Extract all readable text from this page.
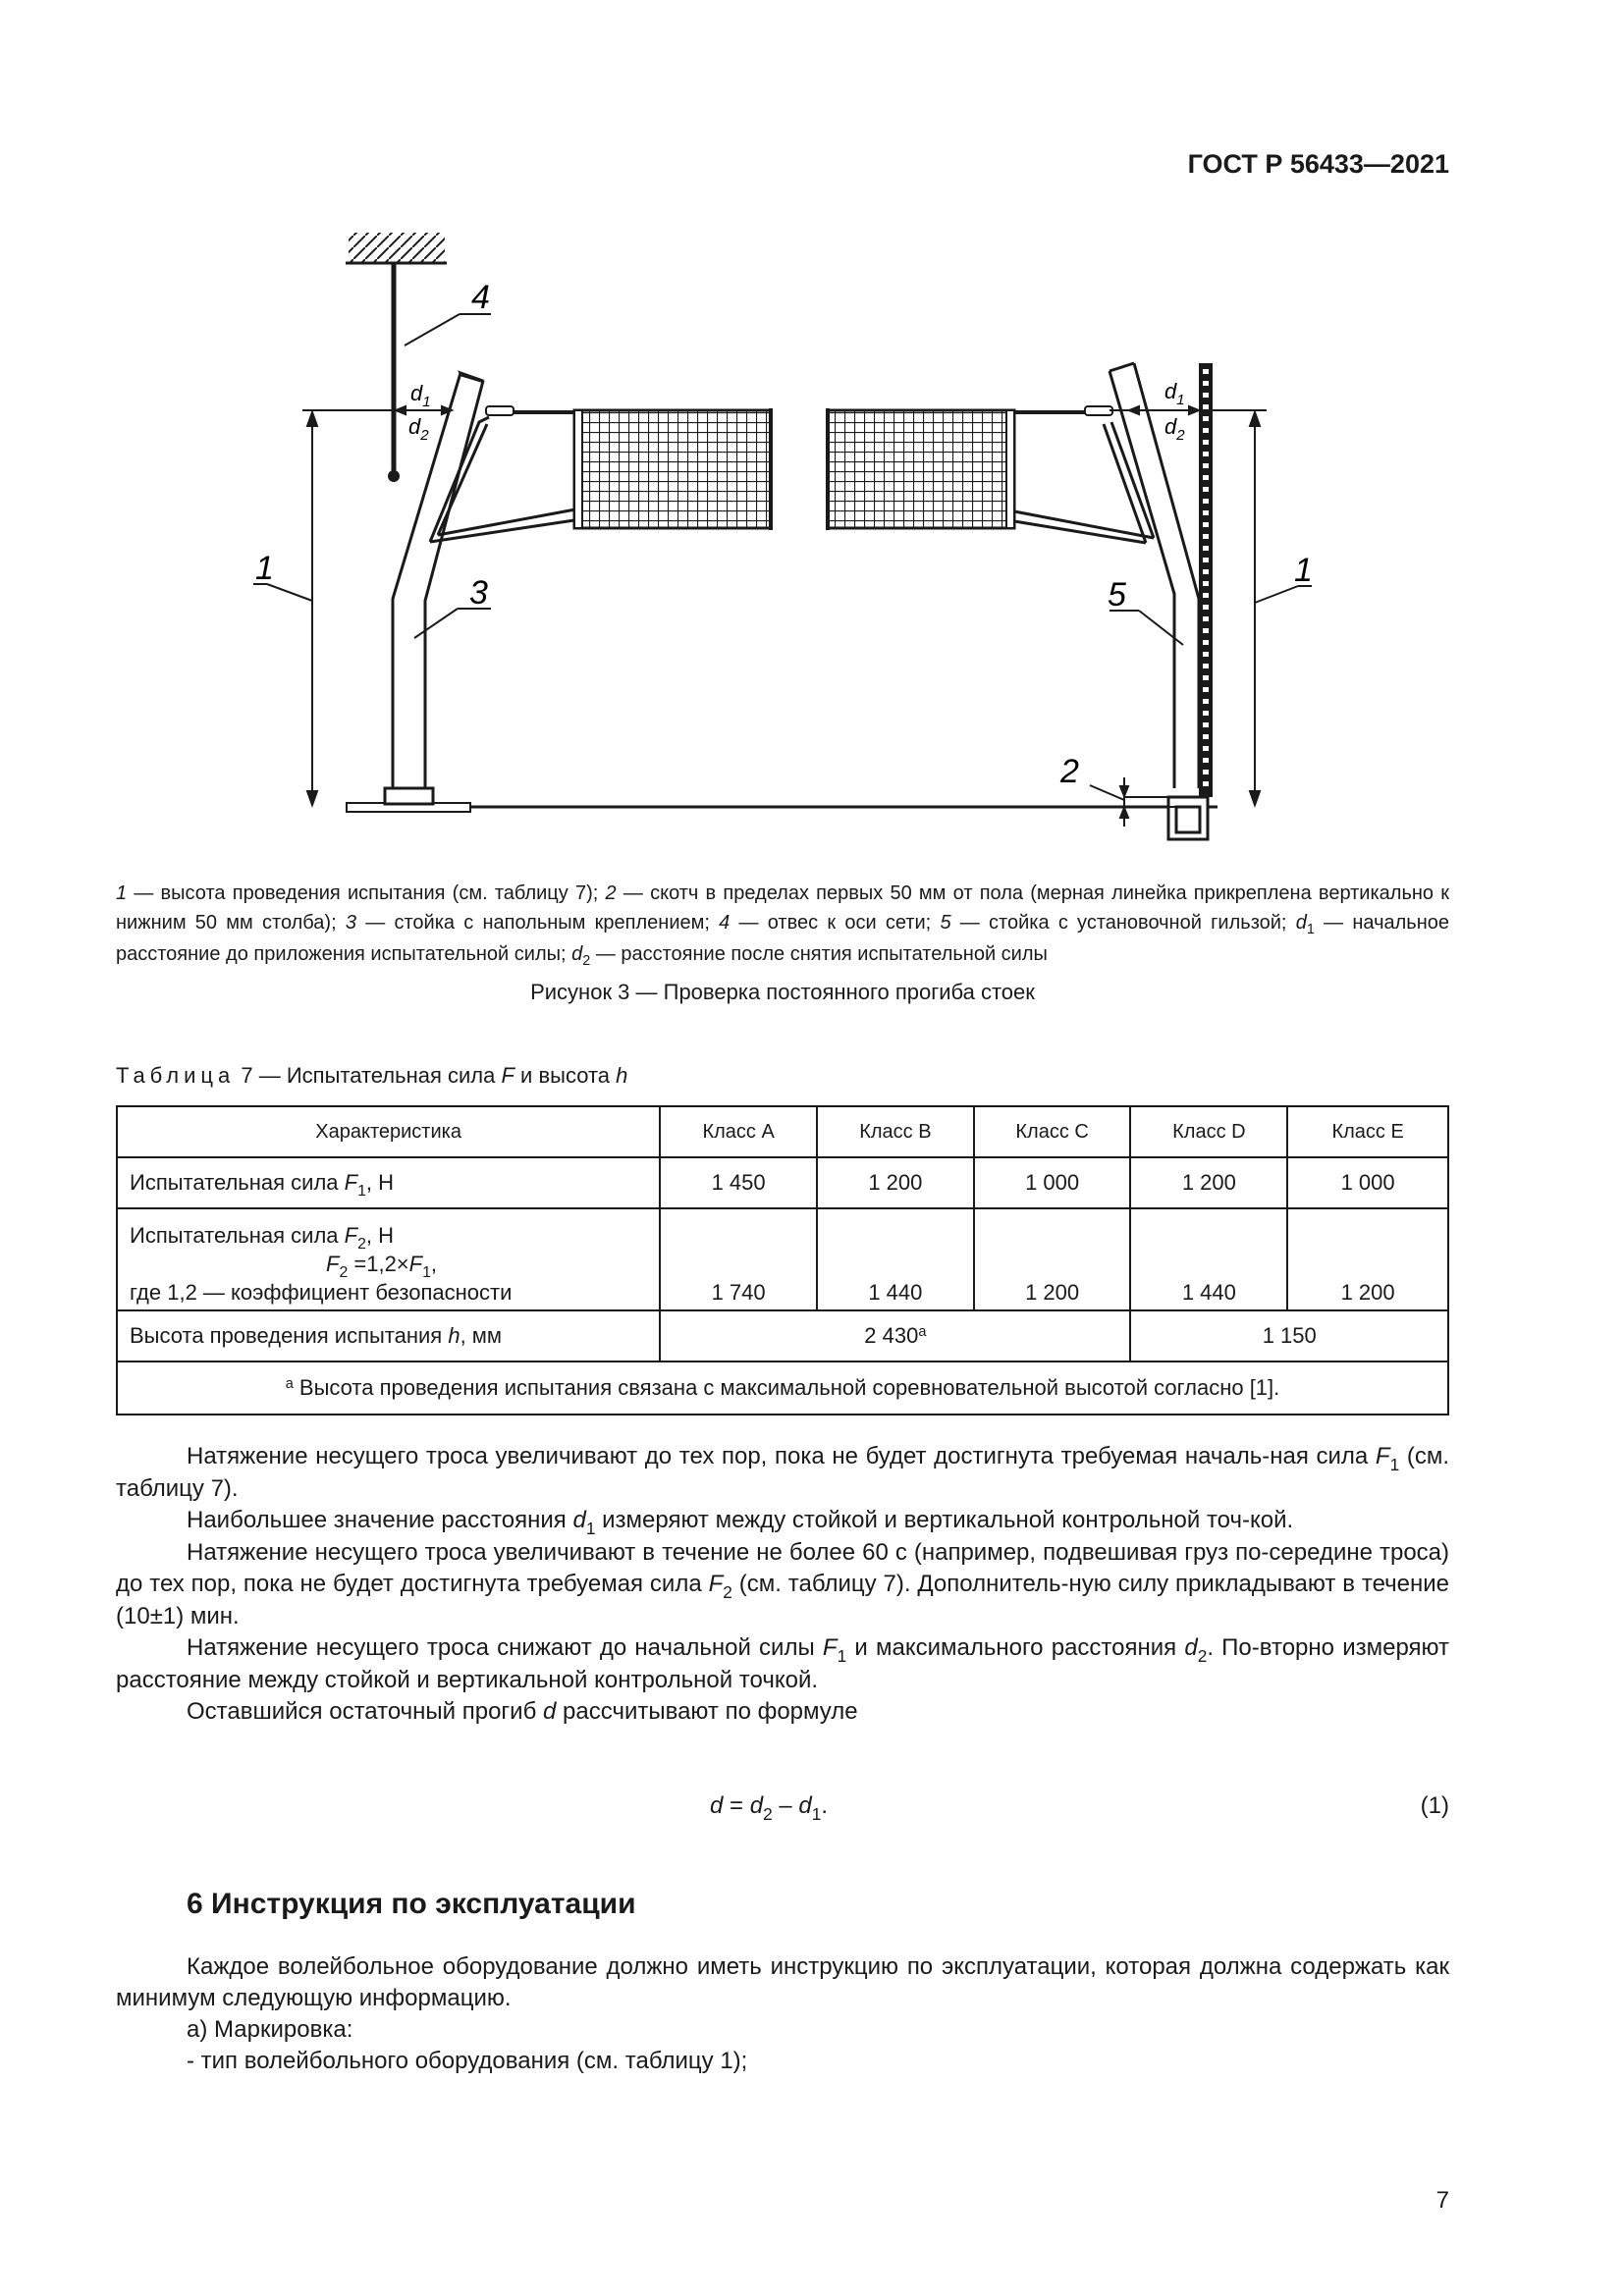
ГОСТ Р 56433—2021
1	1
2
3
4
5
$d_1$
$d_2$
$d_1$
$d_2$
1 — высота проведения испытания (см. таблицу 7); 2 — скотч в пределах первых 50 мм от пола (мерная линейка прикреплена вертикально к нижним 50 мм столба); 3 — стойка с напольным креплением; 4 — отвес к оси сети; 5 — стойка с установочной гильзой; $d_1$ — начальное расстояние до приложения испытательной силы; $d_2$ — расстояние после снятия испытательной силы
Рисунок 3 — Проверка постоянного прогиба стоек
Таблица 7 — Испытательная сила F и высота h
Характеристика	Класс A	Класс B	Класс C	Класс D	Класс E
Испытательная сила $F_1$, Н	1 450	1 200	1 000	1 200	1 000

Испытательная сила $F_2$, Н
$F_2 =1,2\times F_1$,
где 1,2 — коэффициент безопасности	1 740	1 440	1 200	1 440	1 200
Высота проведения испытания h, мм	2 430$^a$			1 150	
$^a$ Высота проведения испытания связана с максимальной соревновательной высотой согласно [1].					

Натяжение несущего троса увеличивают до тех пор, пока не будет достигнута требуемая началь-ная сила $F_1$ (см. таблицу 7).

Наибольшее значение расстояния $d_1$ измеряют между стойкой и вертикальной контрольной точ-кой.

Натяжение несущего троса увеличивают в течение не более 60 с (например, подвешивая груз по-середине троса) до тех пор, пока не будет достигнута требуемая сила $F_2$ (см. таблицу 7). Дополнитель-ную силу прикладывают в течение (10±1) мин.

Натяжение несущего троса снижают до начальной силы $F_1$ и максимального расстояния $d_2$. По-вторно измеряют расстояние между стойкой и вертикальной контрольной точкой.

Оставшийся остаточный прогиб d рассчитывают по формуле

$d = d_2 - d_1$.	(1)
6 Инструкция по эксплуатации

Каждое волейбольное оборудование должно иметь инструкцию по эксплуатации, которая должна содержать как минимум следующую информацию.

а) Маркировка:

- тип волейбольного оборудования (см. таблицу 1);

7
